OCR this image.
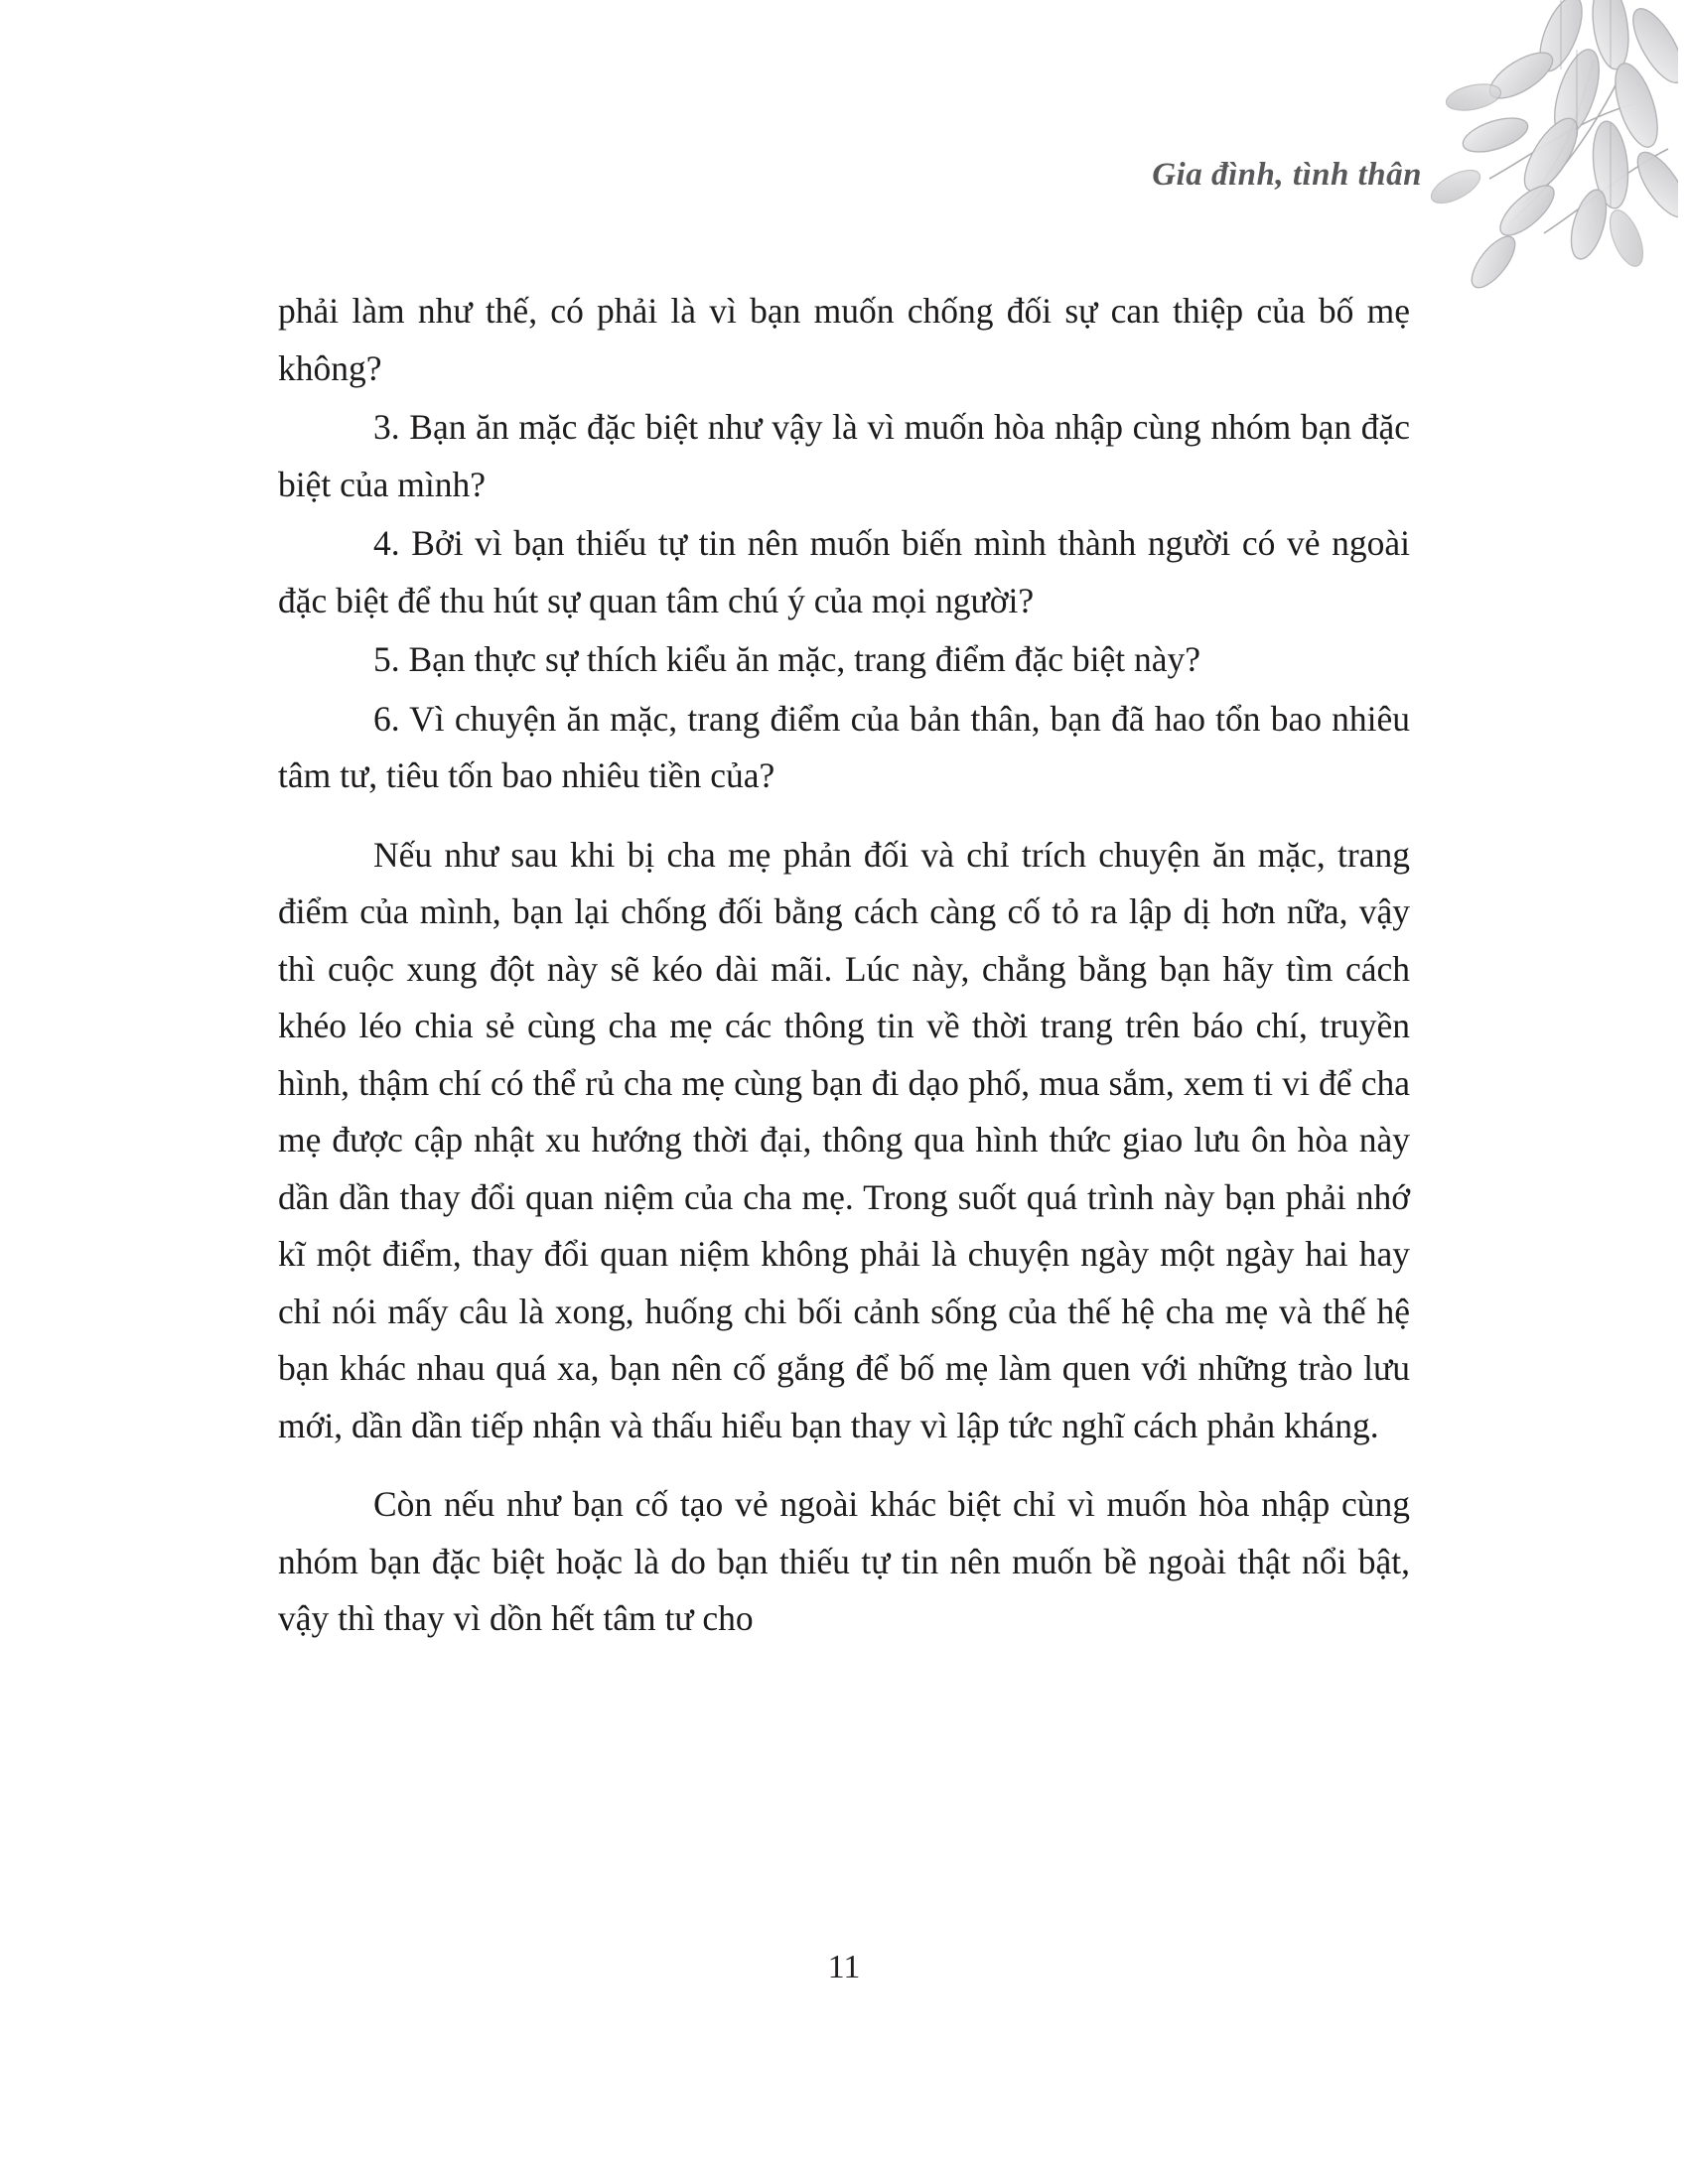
Gia đình, tình thân

phải làm như thế, có phải là vì bạn muốn chống đối sự can thiệp của bố mẹ không?

3. Bạn ăn mặc đặc biệt như vậy là vì muốn hòa nhập cùng nhóm bạn đặc biệt của mình?

4. Bởi vì bạn thiếu tự tin nên muốn biến mình thành người có vẻ ngoài đặc biệt để thu hút sự quan tâm chú ý của mọi người?

5. Bạn thực sự thích kiểu ăn mặc, trang điểm đặc biệt này?

6. Vì chuyện ăn mặc, trang điểm của bản thân, bạn đã hao tổn bao nhiêu tâm tư, tiêu tốn bao nhiêu tiền của?

Nếu như sau khi bị cha mẹ phản đối và chỉ trích chuyện ăn mặc, trang điểm của mình, bạn lại chống đối bằng cách càng cố tỏ ra lập dị hơn nữa, vậy thì cuộc xung đột này sẽ kéo dài mãi. Lúc này, chẳng bằng bạn hãy tìm cách khéo léo chia sẻ cùng cha mẹ các thông tin về thời trang trên báo chí, truyền hình, thậm chí có thể rủ cha mẹ cùng bạn đi dạo phố, mua sắm, xem ti vi để cha mẹ được cập nhật xu hướng thời đại, thông qua hình thức giao lưu ôn hòa này dần dần thay đổi quan niệm của cha mẹ. Trong suốt quá trình này bạn phải nhớ kĩ một điểm, thay đổi quan niệm không phải là chuyện ngày một ngày hai hay chỉ nói mấy câu là xong, huống chi bối cảnh sống của thế hệ cha mẹ và thế hệ bạn khác nhau quá xa, bạn nên cố gắng để bố mẹ làm quen với những trào lưu mới, dần dần tiếp nhận và thấu hiểu bạn thay vì lập tức nghĩ cách phản kháng.

Còn nếu như bạn cố tạo vẻ ngoài khác biệt chỉ vì muốn hòa nhập cùng nhóm bạn đặc biệt hoặc là do bạn thiếu tự tin nên muốn bề ngoài thật nổi bật, vậy thì thay vì dồn hết tâm tư cho

11
